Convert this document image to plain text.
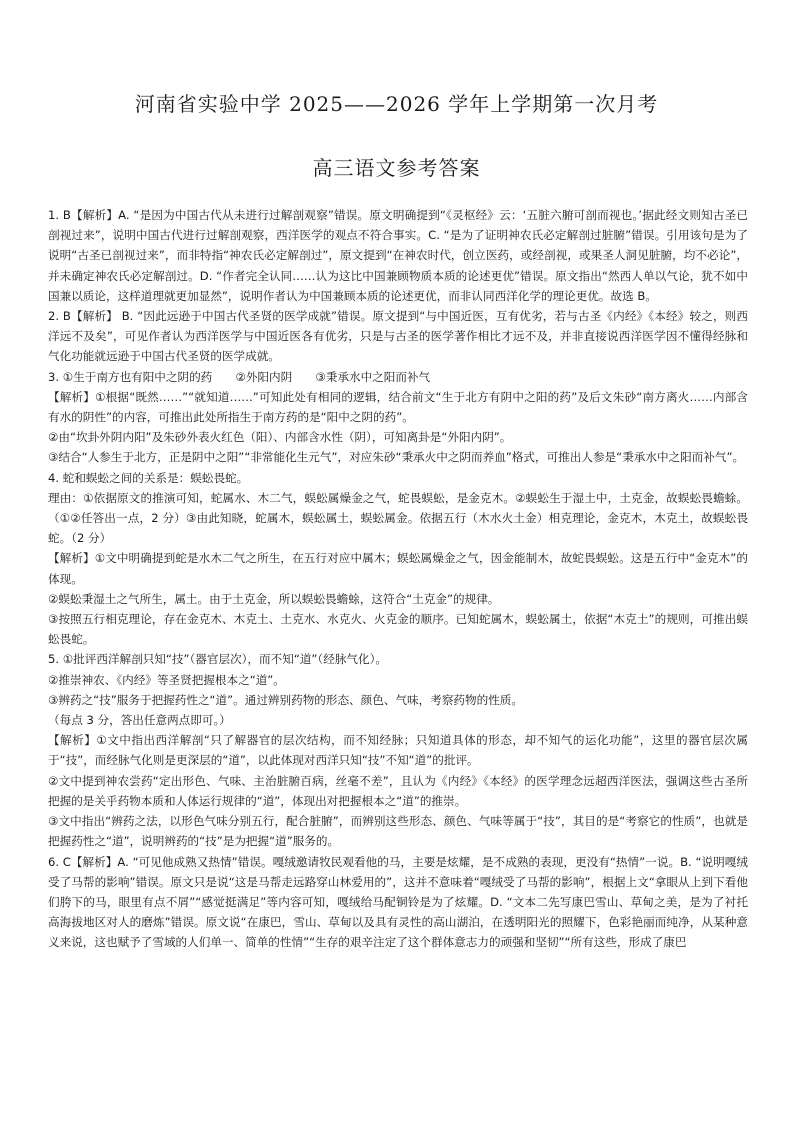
河南省实验中学 2025——2026 学年上学期第一次月考
高三语文参考答案

1. B【解析】A. “是因为中国古代从未进行过解剖观察”错误。原文明确提到“《灵枢经》云：‘五脏六腑可剖而视也。’据此经文则知古圣已剖视过来”，说明中国古代进行过解剖观察，西洋医学的观点不符合事实。C. “是为了证明神农氏必定解剖过脏腑”错误。引用该句是为了说明“古圣已剖视过来”，而非特指“神农氏必定解剖过”，原文提到“在神农时代，创立医药，或经剖视，或果圣人洞见脏腑，均不必论”，并未确定神农氏必定解剖过。D. “作者完全认同……认为这比中国兼顾物质本质的论述更优”错误。原文指出“然西人单以气论，犹不如中国兼以质论，这样道理就更加显然”，说明作者认为中国兼顾本质的论述更优，而非认同西洋化学的理论更优。故选 B。

2. B【解析】 B. “因此远逊于中国古代圣贤的医学成就”错误。原文提到“与中国近医，互有优劣，若与古圣《内经》《本经》较之，则西洋远不及矣”，可见作者认为西洋医学与中国近医各有优劣，只是与古圣的医学著作相比才远不及，并非直接说西洋医学因不懂得经脉和气化功能就远逊于中国古代圣贤的医学成就。

3. ①生于南方也有阳中之阴的药　　②外阳内阴　　③秉承水中之阳而补气

【解析】①根据“既然……”“就知道……”可知此处有相同的逻辑，结合前文“生于北方有阴中之阳的药”及后文朱砂“南方离火……内部含有水的阴性”的内容，可推出此处所指生于南方药的是“阳中之阴的药”。

②由“坎卦外阴内阳”及朱砂外表火红色（阳）、内部含水性（阴），可知离卦是“外阳内阴”。

③结合“人参生于北方，正是阴中之阳”“非常能化生元气”，对应朱砂“秉承火中之阴而养血”格式，可推出人参是“秉承水中之阳而补气”。

4. 蛇和蜈蚣之间的关系是：蜈蚣畏蛇。

理由：①依据原文的推演可知，蛇属水、木二气，蜈蚣属燥金之气，蛇畏蜈蚣，是金克木。②蜈蚣生于湿土中，土克金，故蜈蚣畏蟾蜍。（①②任答出一点，2 分）③由此知晓，蛇属木，蜈蚣属土，蜈蚣属金。依据五行（木水火土金）相克理论，金克木，木克土，故蜈蚣畏蛇。（2 分）

【解析】①文中明确提到蛇是水木二气之所生，在五行对应中属木；蜈蚣属燥金之气，因金能制木，故蛇畏蜈蚣。这是五行中“金克木”的体现。

②蜈蚣秉湿土之气所生，属土。由于土克金，所以蜈蚣畏蟾蜍，这符合“土克金”的规律。

③按照五行相克理论，存在金克木、木克土、土克水、水克火、火克金的顺序。已知蛇属木，蜈蚣属土，依据“木克土”的规则，可推出蜈蚣畏蛇。

5. ①批评西洋解剖只知“技”（器官层次），而不知“道”（经脉气化）。

②推崇神农、《内经》等圣贤把握根本之“道”。

③辨药之“技”服务于把握药性之“道”。通过辨别药物的形态、颜色、气味，考察药物的性质。

（每点 3 分，答出任意两点即可。）

【解析】①文中指出西洋解剖“只了解器官的层次结构，而不知经脉；只知道具体的形态，却不知气的运化功能”，这里的器官层次属于“技”，而经脉气化则是更深层的“道”，以此体现对西洋只知“技”不知“道”的批评。

②文中提到神农尝药“定出形色、气味、主治脏腑百病，丝毫不差”，且认为《内经》《本经》的医学理念远超西洋医法，强调这些古圣所把握的是关乎药物本质和人体运行规律的“道”，体现出对把握根本之“道”的推崇。

③文中指出“辨药之法，以形色气味分别五行，配合脏腑”，而辨别这些形态、颜色、气味等属于“技”，其目的是“考察它的性质”，也就是把握药性之“道”，说明辨药的“技”是为把握“道”服务的。

6. C【解析】A. “可见他成熟又热情”错误。嘎绒邀请牧民观看他的马，主要是炫耀，是不成熟的表现，更没有“热情”一说。B. “说明嘎绒受了马帮的影响”错误。原文只是说“这是马帮走远路穿山林爱用的”，这并不意味着“嘎绒受了马帮的影响”，根据上文“拿眼从上到下看他们胯下的马，眼里有点不屑”“感觉挺满足”等内容可知，嘎绒给马配铜铃是为了炫耀。D. “文本二先写康巴雪山、草甸之美，是为了衬托高海拔地区对人的磨炼”错误。原文说“在康巴，雪山、草甸以及具有灵性的高山湖泊，在透明阳光的照耀下，色彩艳丽而纯净，从某种意义来说，这也赋予了雪域的人们单一、简单的性情”“生存的艰辛注定了这个群体意志力的顽强和坚韧”“所有这些，形成了康巴
